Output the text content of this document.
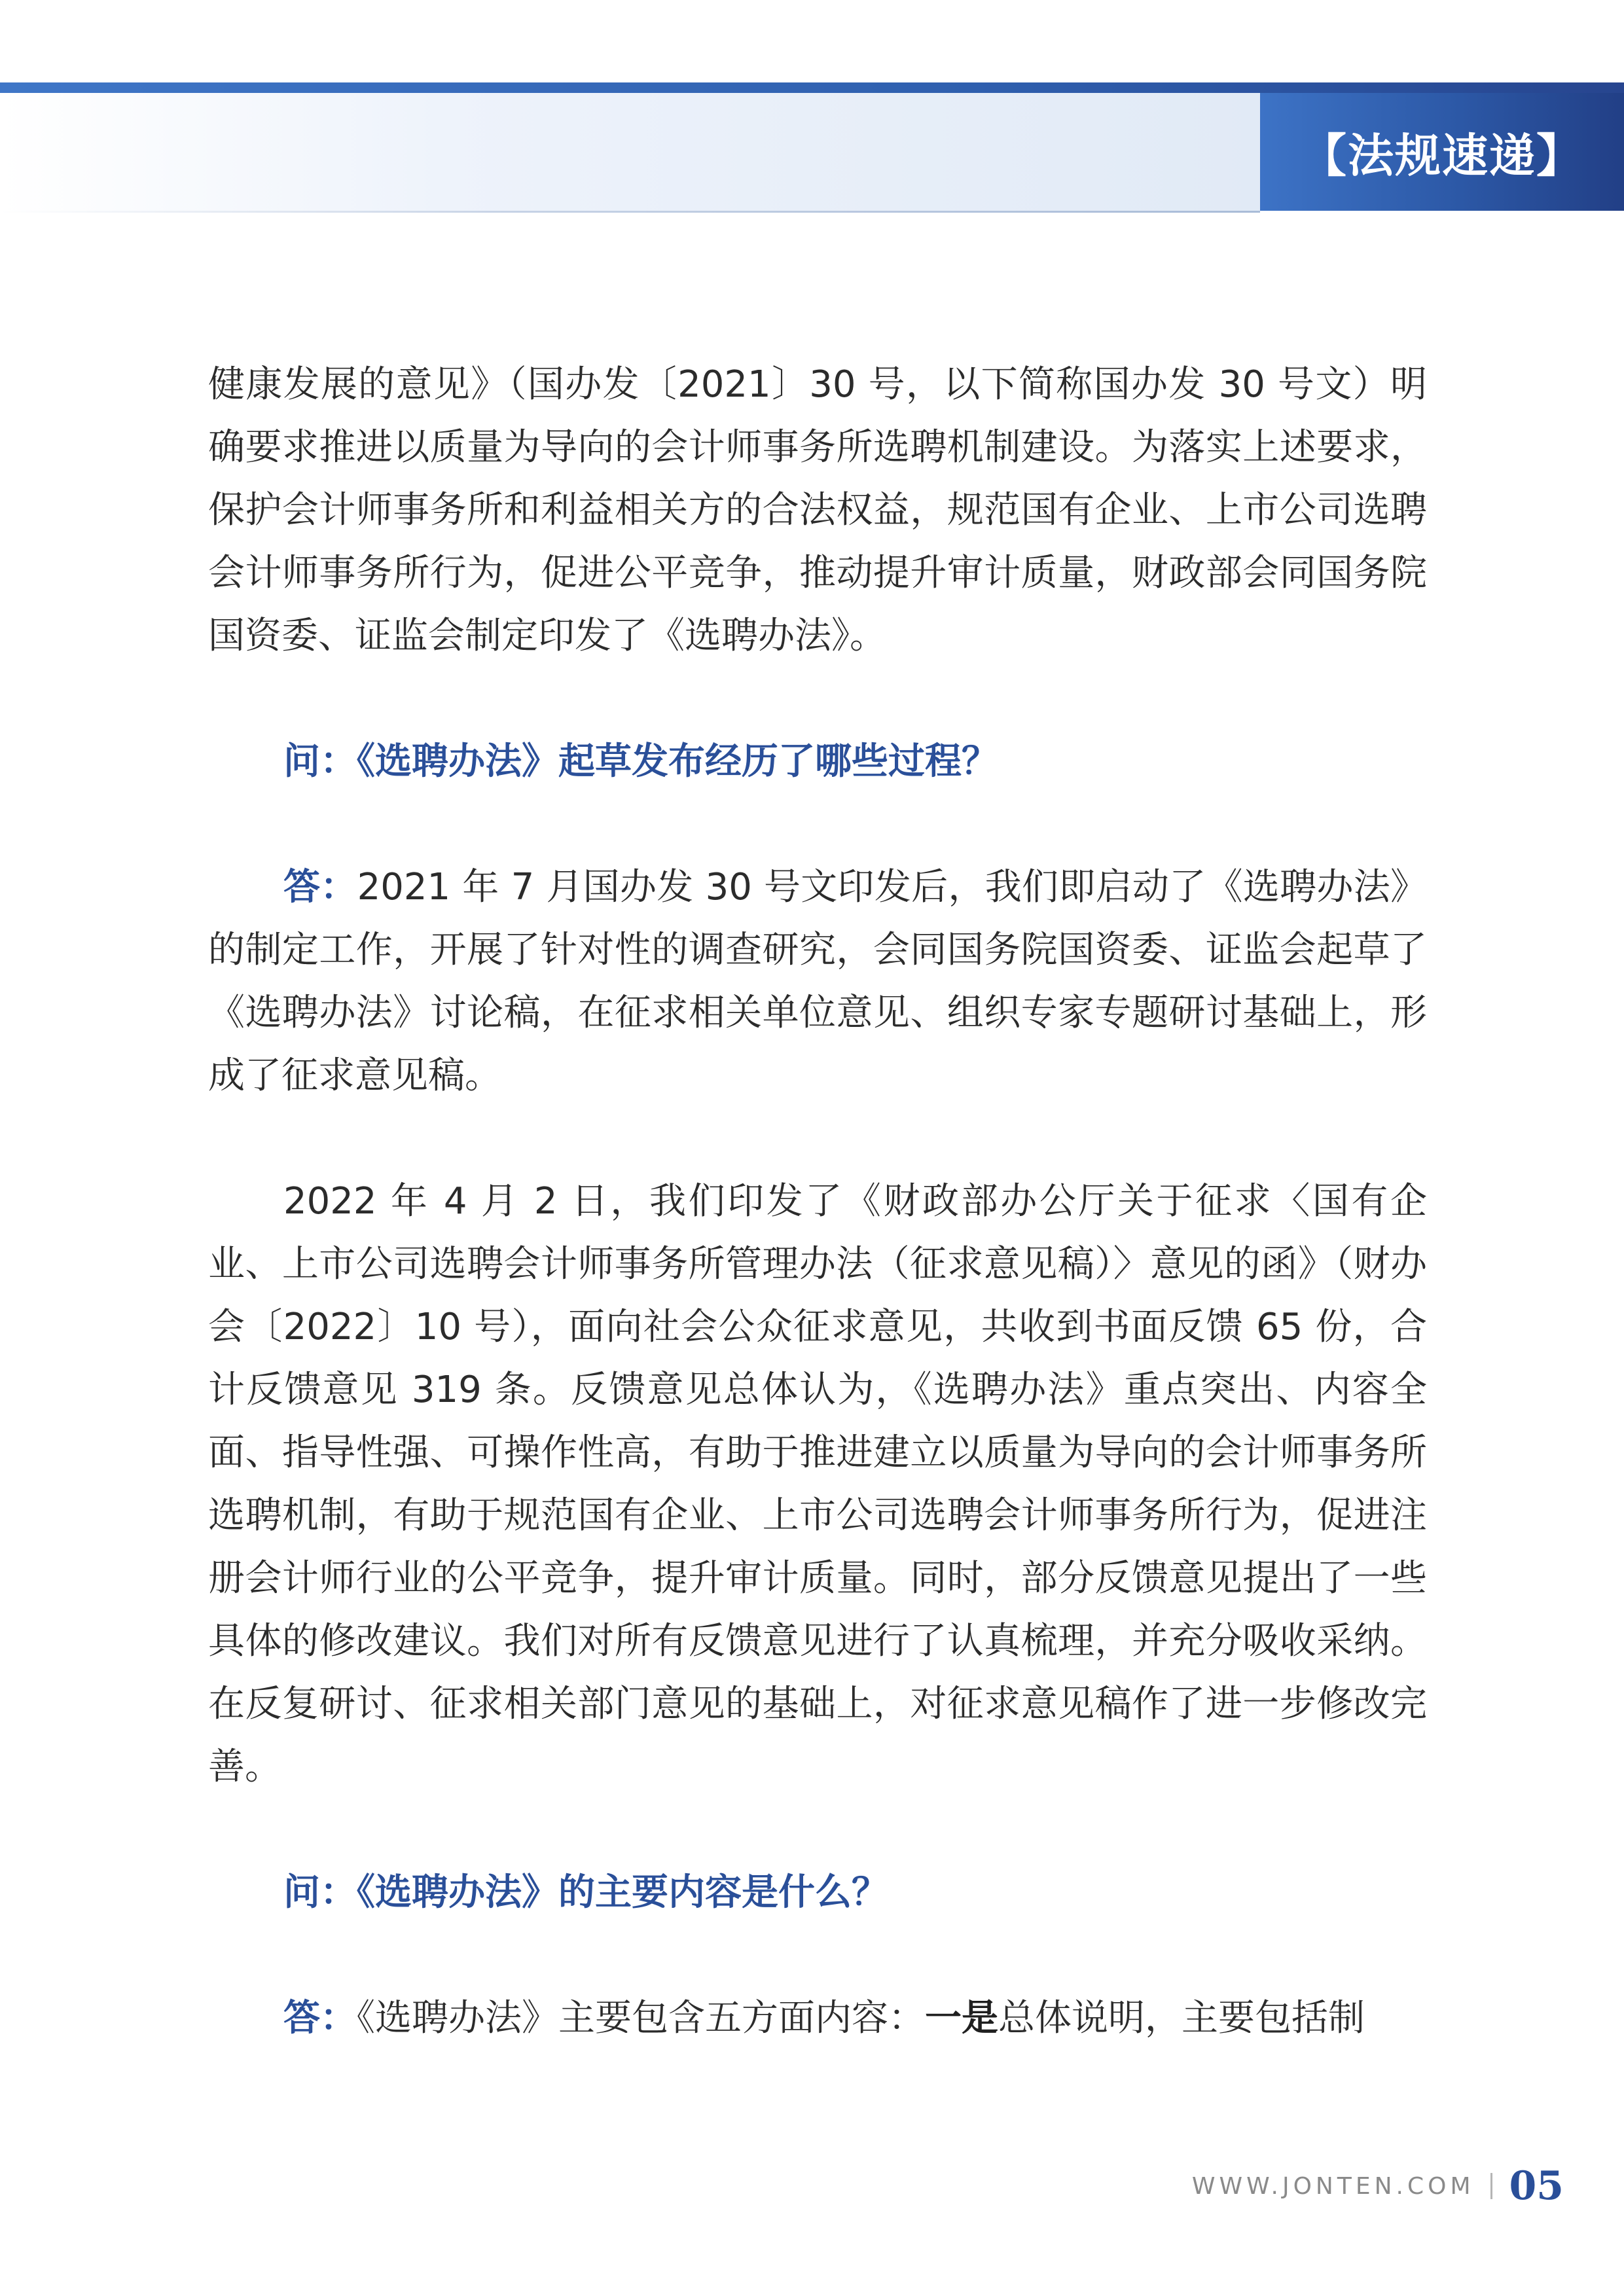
【法规速递】

健康发展的意见》（国办发〔2021〕30 号，以下简称国办发 30 号文）明确要求推进以质量为导向的会计师事务所选聘机制建设。为落实上述要求，保护会计师事务所和利益相关方的合法权益，规范国有企业、上市公司选聘会计师事务所行为，促进公平竞争，推动提升审计质量，财政部会同国务院国资委、证监会制定印发了《选聘办法》。

问：《选聘办法》起草发布经历了哪些过程？

答：2021 年 7 月国办发 30 号文印发后，我们即启动了《选聘办法》的制定工作，开展了针对性的调查研究，会同国务院国资委、证监会起草了《选聘办法》讨论稿，在征求相关单位意见、组织专家专题研讨基础上，形成了征求意见稿。

2022 年 4 月 2 日，我们印发了《财政部办公厅关于征求〈国有企业、上市公司选聘会计师事务所管理办法（征求意见稿）〉意见的函》（财办会〔2022〕10 号），面向社会公众征求意见，共收到书面反馈 65 份，合计反馈意见 319 条。反馈意见总体认为，《选聘办法》重点突出、内容全面、指导性强、可操作性高，有助于推进建立以质量为导向的会计师事务所选聘机制，有助于规范国有企业、上市公司选聘会计师事务所行为，促进注册会计师行业的公平竞争，提升审计质量。同时，部分反馈意见提出了一些具体的修改建议。我们对所有反馈意见进行了认真梳理，并充分吸收采纳。在反复研讨、征求相关部门意见的基础上，对征求意见稿作了进一步修改完善。

问：《选聘办法》的主要内容是什么？

答：《选聘办法》主要包含五方面内容：一是总体说明，主要包括制

WWW.JONTEN.COM 05
